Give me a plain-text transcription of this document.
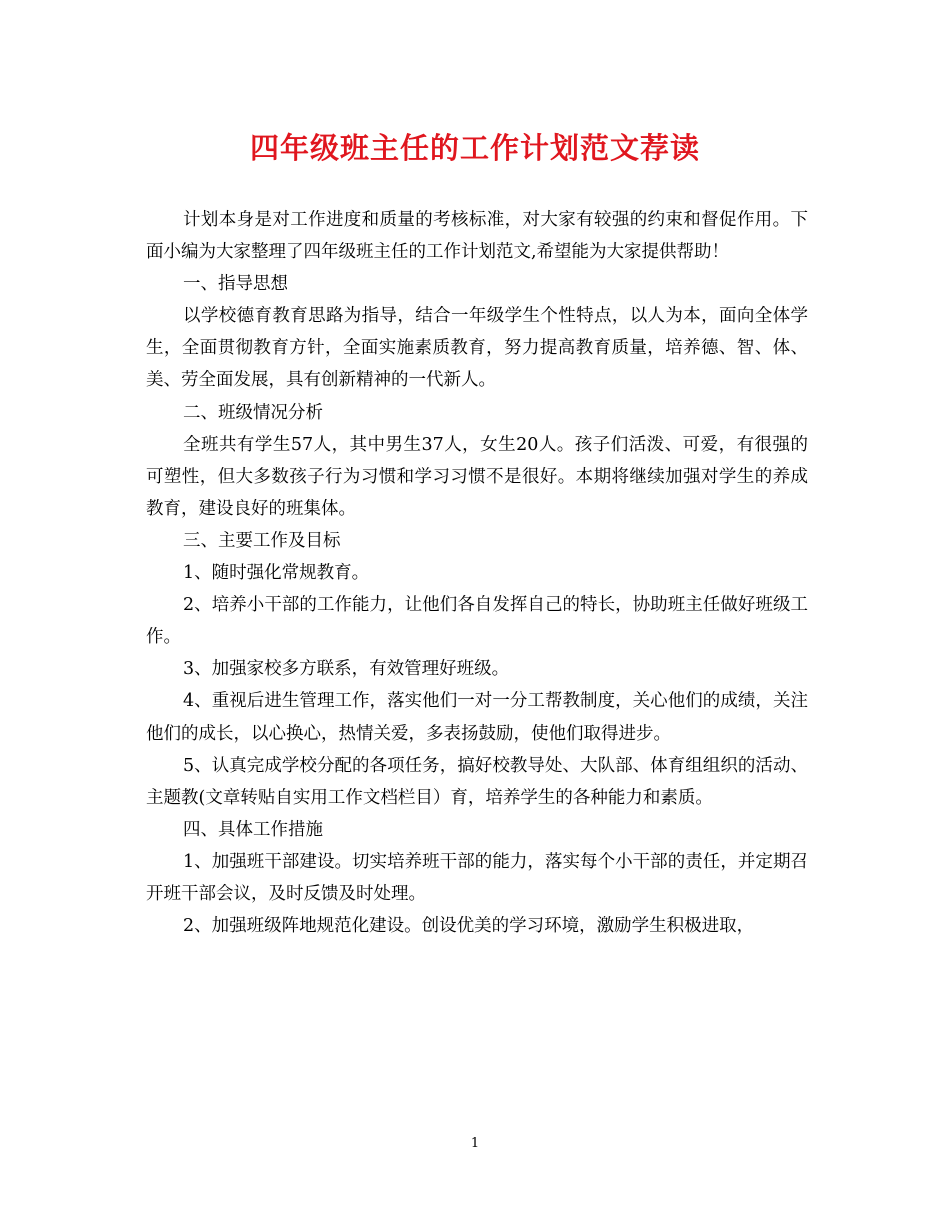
四年级班主任的工作计划范文荐读

计划本身是对工作进度和质量的考核标准，对大家有较强的约束和督促作用。下面小编为大家整理了四年级班主任的工作计划范文,希望能为大家提供帮助！

一、指导思想

以学校德育教育思路为指导，结合一年级学生个性特点，以人为本，面向全体学生，全面贯彻教育方针，全面实施素质教育，努力提高教育质量，培养德、智、体、美、劳全面发展，具有创新精神的一代新人。

二、班级情况分析

全班共有学生57人，其中男生37人，女生20人。孩子们活泼、可爱，有很强的可塑性，但大多数孩子行为习惯和学习习惯不是很好。本期将继续加强对学生的养成教育，建设良好的班集体。

三、主要工作及目标

1、随时强化常规教育。

2、培养小干部的工作能力，让他们各自发挥自己的特长，协助班主任做好班级工作。

3、加强家校多方联系，有效管理好班级。

4、重视后进生管理工作，落实他们一对一分工帮教制度，关心他们的成绩，关注他们的成长，以心换心，热情关爱，多表扬鼓励，使他们取得进步。

5、认真完成学校分配的各项任务，搞好校教导处、大队部、体育组组织的活动、主题教(文章转贴自实用工作文档栏目）育，培养学生的各种能力和素质。

四、具体工作措施

1、加强班干部建设。切实培养班干部的能力，落实每个小干部的责任，并定期召开班干部会议，及时反馈及时处理。

2、加强班级阵地规范化建设。创设优美的学习环境，激励学生积极进取，

1
